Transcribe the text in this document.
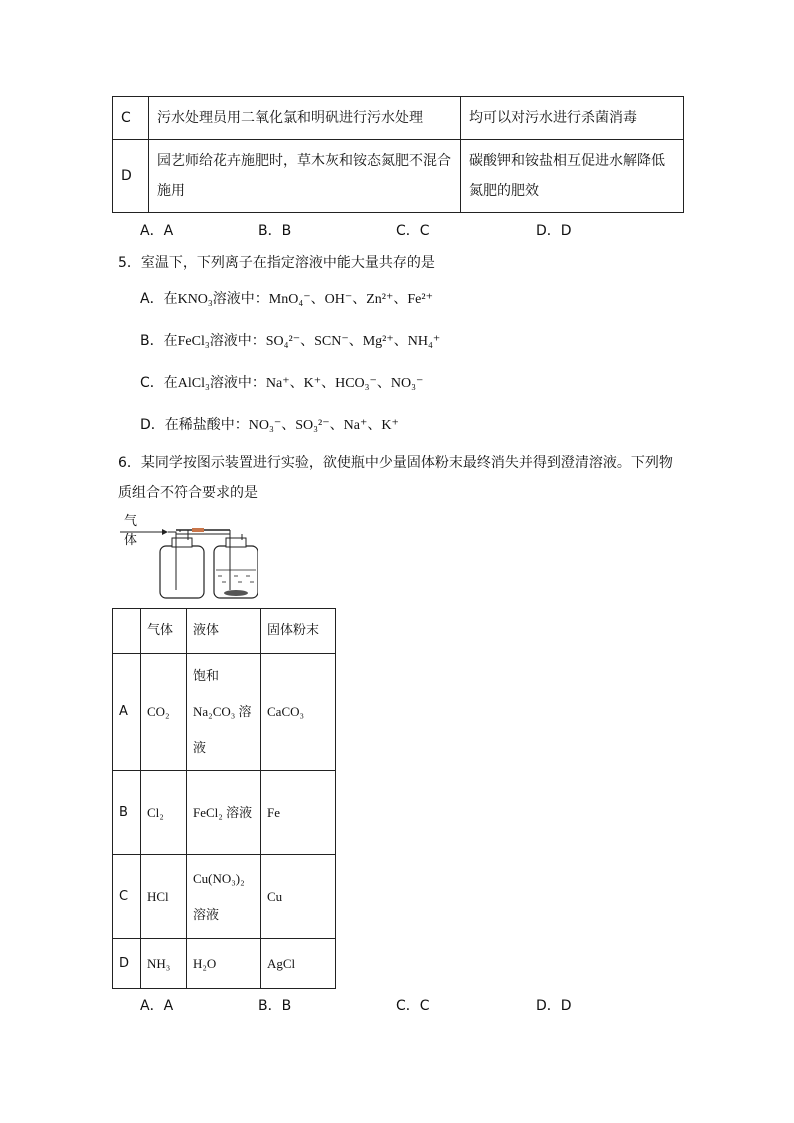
C	污水处理员用二氧化氯和明矾进行污水处理	均可以对污水进行杀菌消毒
D	园艺师给花卉施肥时，草木灰和铵态氮肥不混合施用	碳酸钾和铵盐相互促进水解降低氮肥的肥效
A．A	B．B	C．C	D．D
5．室温下，下列离子在指定溶液中能大量共存的是
A．在KNO₃溶液中：MnO₄⁻、OH⁻、Zn²⁺、Fe²⁺
B．在FeCl₃溶液中：SO₄²⁻、SCN⁻、Mg²⁺、NH₄⁺
C．在AlCl₃溶液中：Na⁺、K⁺、HCO₃⁻、NO₃⁻
D．在稀盐酸中：NO₃⁻、SO₃²⁻、Na⁺、K⁺
6．某同学按图示装置进行实验，欲使瓶中少量固体粉末最终消失并得到澄清溶液。下列物
质组合不符合要求的是
气体
	气体	液体	固体粉末
A	CO₂	饱和 Na₂CO₃ 溶液	CaCO₃
B	Cl₂	FeCl₂ 溶液	Fe
C	HCl	Cu(NO₃)₂ 溶液	Cu
D	NH₃	H₂O	AgCl
A．A	B．B	C．C	D．D
